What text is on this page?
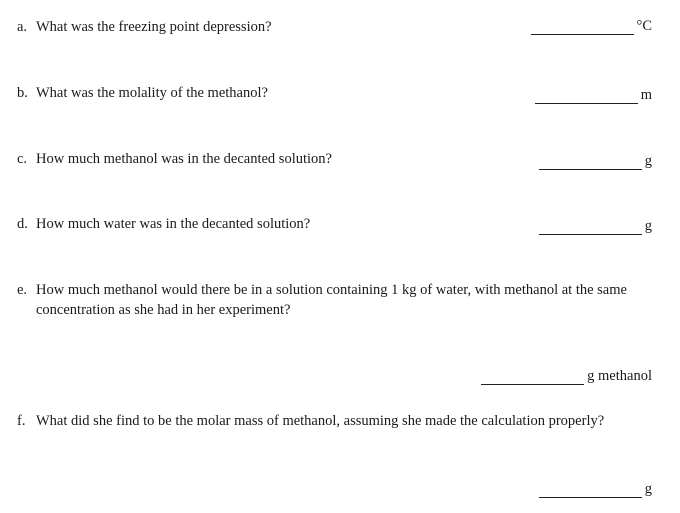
a. What was the freezing point depression?	°C
b. What was the molality of the methanol?	m
c. How much methanol was in the decanted solution?	g
d. How much water was in the decanted solution?	g
e. How much methanol would there be in a solution containing 1 kg of water, with methanol at the same concentration as she had in her experiment?
g methanol
f. What did she find to be the molar mass of methanol, assuming she made the calculation properly?
g
